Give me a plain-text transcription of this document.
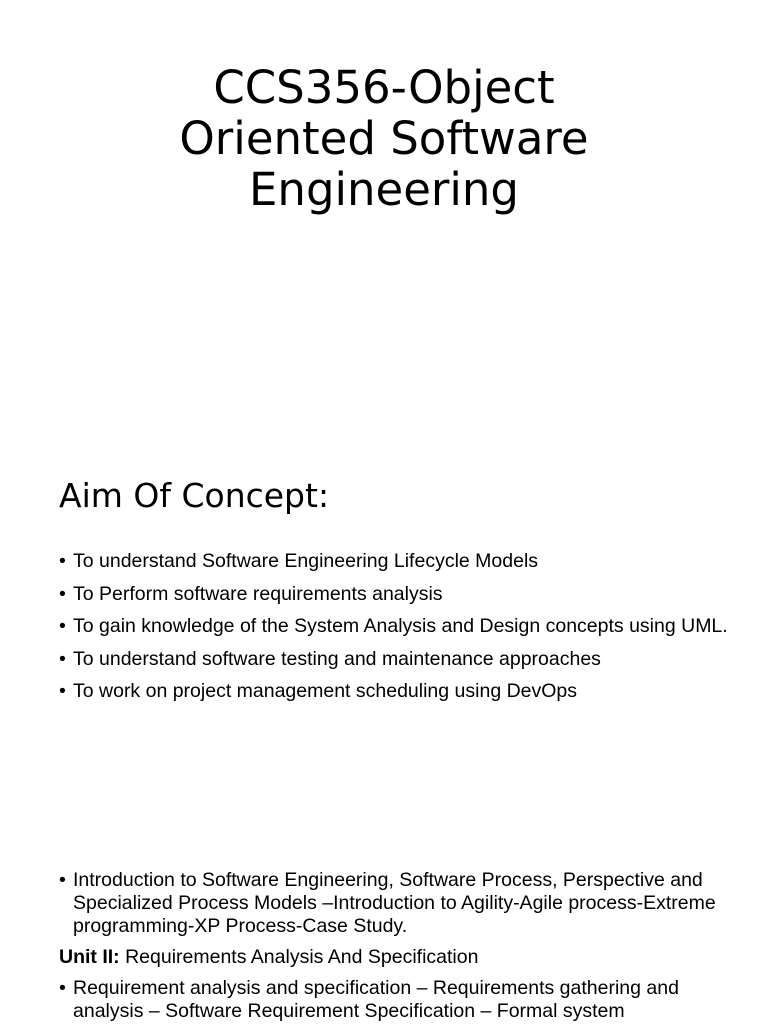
CCS356-Object
Oriented Software
Engineering
Aim Of Concept:
• To understand Software Engineering Lifecycle Models
• To Perform software requirements analysis
• To gain knowledge of the System Analysis and Design concepts using UML.
• To understand software testing and maintenance approaches
• To work on project management scheduling using DevOps
• Introduction to Software Engineering, Software Process, Perspective and Specialized Process Models –Introduction to Agility-Agile process-Extreme programming-XP Process-Case Study.
Unit II: Requirements Analysis And Specification
• Requirement analysis and specification – Requirements gathering and analysis – Software Requirement Specification – Formal system
